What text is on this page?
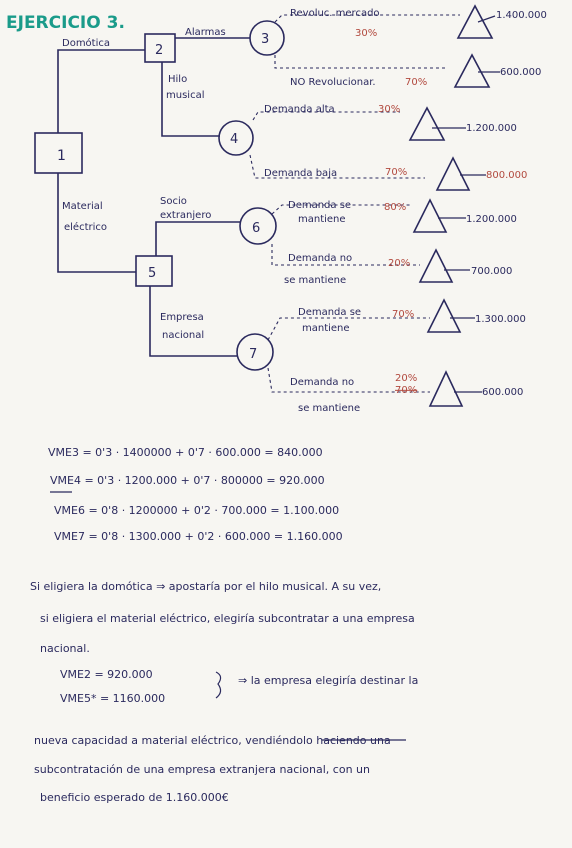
EJERCICIO 3.
1
Domótica
Material
eléctrico
2
Alarmas
Hilo
musical
3
4
5
Socio
extranjero
Empresa
nacional
6
7
Revoluc. mercado
30%
NO Revolucionar.	70%
Demanda alta	30%
Demanda baja	70%
Demanda se
mantiene
80%
Demanda no
se mantiene
20%
Demanda se
mantiene
70%
Demanda no
se mantiene
20%
70%
1.400.000
600.000
1.200.000
800.000
1.200.000
700.000
1.300.000
600.000
VME3 = 0'3 · 1400000 + 0'7 · 600.000 = 840.000
VME4 = 0'3 · 1200.000 + 0'7 · 800000 = 920.000
VME6 = 0'8 · 1200000 + 0'2 · 700.000 = 1.100.000
VME7 = 0'8 · 1300.000 + 0'2 · 600.000 = 1.160.000
Si eligiera la domótica ⇒ apostaría por el hilo musical. A su vez,
si eligiera el material eléctrico, elegiría subcontratar a una empresa
nacional.
VME2 = 920.000
VME5* = 1160.000
⇒ la empresa elegiría destinar la
nueva capacidad a material eléctrico, vendiéndolo haciendo una
subcontratación de una empresa extranjera nacional, con un
beneficio esperado de 1.160.000€
